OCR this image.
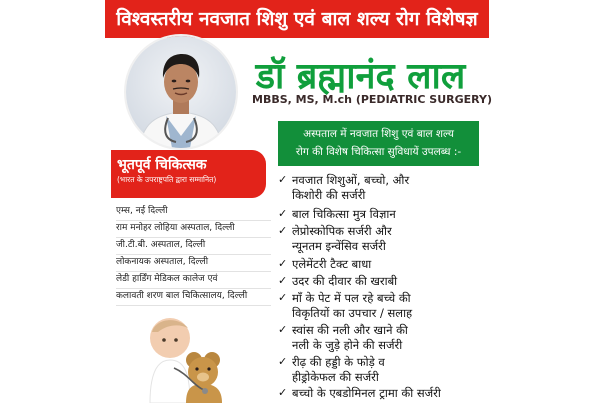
विश्वस्तरीय नवजात शिशु एवं बाल शल्य रोग विशेषज्ञ
डॉ ब्रह्मानंद लाल
MBBS, MS, M.ch (PEDIATRIC SURGERY)
अस्पताल में नवजात शिशु एवं बाल शल्य
रोग की विशेष चिकित्सा सुविधायें उपलब्ध :-
भूतपूर्व चिकित्सक
(भारत के उपराष्ट्रपति द्वारा सम्मानित)
एम्स, नई दिल्ली
राम मनोहर लोहिया अस्पताल, दिल्ली
जी.टी.बी. अस्पताल, दिल्ली
लोकनायक अस्पताल, दिल्ली
लेडी हार्डिंग मेडिकल कालेज एवं
कलावती शरण बाल चिकित्सालय, दिल्ली
✓ नवजात शिशुओं, बच्चो, और
किशोरी की सर्जरी
✓ बाल चिकित्सा मुत्र विज्ञान
✓ लेप्रोस्कोपिक सर्जरी और
न्यूनतम इन्वेंसिव सर्जरी
✓ एलेमेंटरी टैक्ट बाधा
✓ उदर की दीवार की खराबी
✓ माँ के पेट में पल रहे बच्चे की
विकृतियों का उपचार / सलाह
✓ स्वांस की नली और खाने की
नली के जुड़े होने की सर्जरी
✓ रीढ़ की हड्डी के फोड़े व
हीड्रोकेफल की सर्जरी
✓ बच्चो के एबडोमिनल ट्रामा की सर्जरी
